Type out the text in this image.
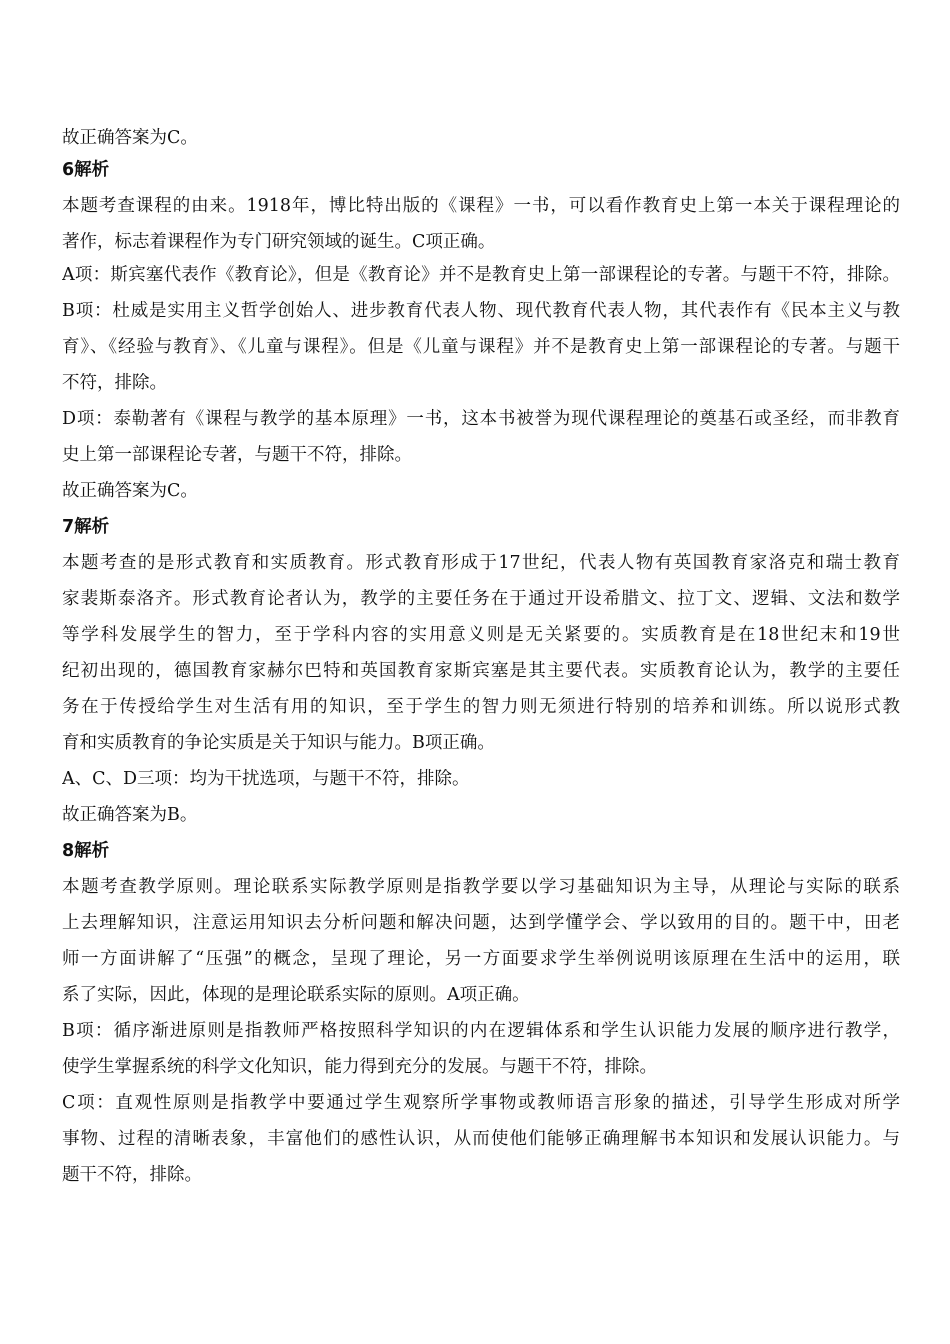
故正确答案为C。
6解析
本题考查课程的由来。1918年，博比特出版的《课程》一书，可以看作教育史上第一本关于课程理论的
著作，标志着课程作为专门研究领域的诞生。C项正确。
A项：斯宾塞代表作《教育论》，但是《教育论》并不是教育史上第一部课程论的专著。与题干不符，排除。
B项：杜威是实用主义哲学创始人、进步教育代表人物、现代教育代表人物，其代表作有《民本主义与教
育》、《经验与教育》、《儿童与课程》。但是《儿童与课程》并不是教育史上第一部课程论的专著。与题干
不符，排除。
D项：泰勒著有《课程与教学的基本原理》一书，这本书被誉为现代课程理论的奠基石或圣经，而非教育
史上第一部课程论专著，与题干不符，排除。
故正确答案为C。
7解析
本题考查的是形式教育和实质教育。形式教育形成于17世纪，代表人物有英国教育家洛克和瑞士教育
家裴斯泰洛齐。形式教育论者认为，教学的主要任务在于通过开设希腊文、拉丁文、逻辑、文法和数学
等学科发展学生的智力，至于学科内容的实用意义则是无关紧要的。实质教育是在18世纪末和19世
纪初出现的，德国教育家赫尔巴特和英国教育家斯宾塞是其主要代表。实质教育论认为，教学的主要任
务在于传授给学生对生活有用的知识，至于学生的智力则无须进行特别的培养和训练。所以说形式教
育和实质教育的争论实质是关于知识与能力。B项正确。
A、C、D三项：均为干扰选项，与题干不符，排除。
故正确答案为B。
8解析
本题考查教学原则。理论联系实际教学原则是指教学要以学习基础知识为主导，从理论与实际的联系
上去理解知识，注意运用知识去分析问题和解决问题，达到学懂学会、学以致用的目的。题干中，田老
师一方面讲解了“压强”的概念，呈现了理论，另一方面要求学生举例说明该原理在生活中的运用，联
系了实际，因此，体现的是理论联系实际的原则。A项正确。
B项：循序渐进原则是指教师严格按照科学知识的内在逻辑体系和学生认识能力发展的顺序进行教学，
使学生掌握系统的科学文化知识，能力得到充分的发展。与题干不符，排除。
C项：直观性原则是指教学中要通过学生观察所学事物或教师语言形象的描述，引导学生形成对所学
事物、过程的清晰表象，丰富他们的感性认识，从而使他们能够正确理解书本知识和发展认识能力。与
题干不符，排除。
